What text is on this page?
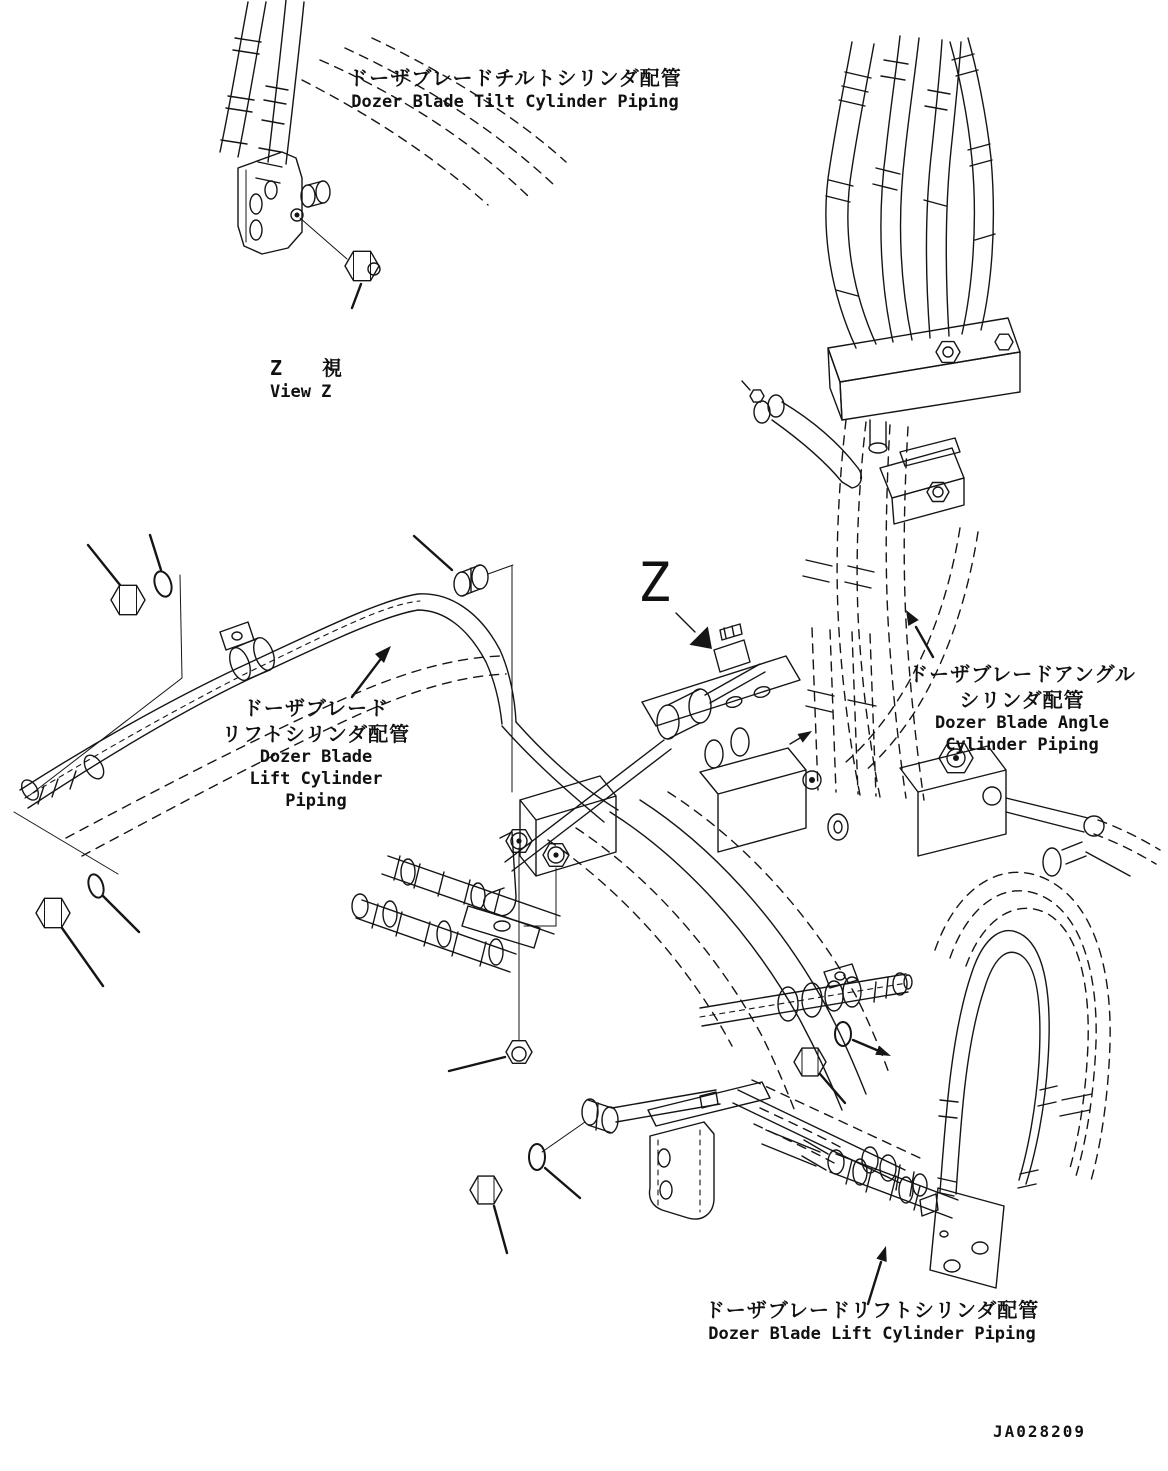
ドーザブレードチルトシリンダ配管
Dozer Blade Tilt Cylinder Piping
Z　視
View Z
Z
ドーザブレード
リフトシリンダ配管
Dozer Blade
Lift Cylinder
Piping
ドーザブレードアングル
シリンダ配管
Dozer Blade Angle
Cylinder Piping
ドーザブレードリフトシリンダ配管
Dozer Blade Lift Cylinder Piping
JA028209
